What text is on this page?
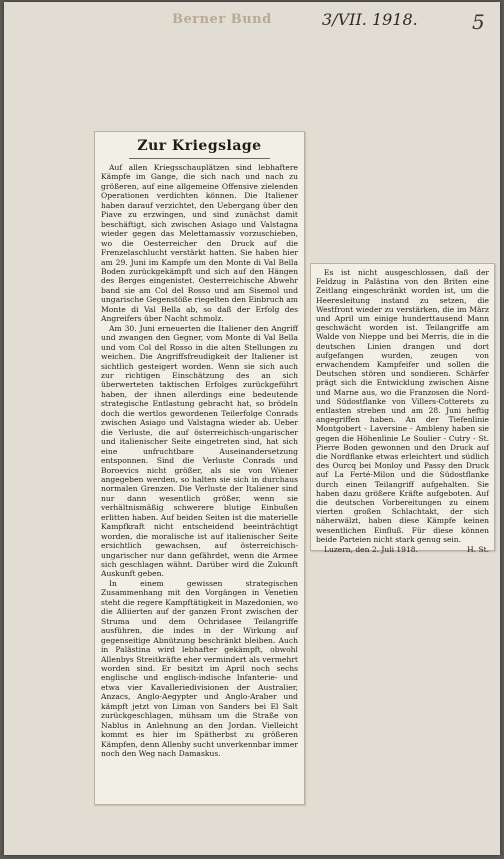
Berner Bund	3/VII. 1918.	5
Zur Kriegslage

Auf allen Kriegsschauplätzen sind lebhaftere Kämpfe im Gange, die sich nach und nach zu größeren, auf eine allgemeine Offensive zielenden Operationen verdichten können. Die Italiener haben darauf verzichtet, den Uebergang über den Piave zu erzwingen, und sind zunächst damit beschäftigt, sich zwischen Asiago und Valstagna wieder gegen das Melettamassiv vorzuschieben, wo die Oesterreicher den Druck auf die Frenzelaschlucht verstärkt hatten. Sie haben hier am 29. Juni im Kampfe um den Monte di Val Bella Boden zurückgekämpft und sich auf den Hängen des Berges eingenistet. Oesterreichische Abwehr band sie am Col del Rosso und am Sisemol und ungarische Gegenstöße riegelten den Einbruch am Monte di Val Bella ab, so daß der Erfolg des Angreifers über Nacht schmolz.

Am 30. Juni erneuerten die Italiener den Angriff und zwangen den Gegner, vom Monte di Val Bella und vom Col del Rosso in die alten Stellungen zu weichen. Die Angriffsfreudigkeit der Italiener ist sichtlich gesteigert worden. Wenn sie sich auch zur richtigen Einschätzung des an sich überwerteten taktischen Erfolges zurückgeführt haben, der ihnen allerdings eine bedeutende strategische Entlastung gebracht hat, so brödeln doch die wertlos gewordenen Teilerfolge Conrads zwischen Asiago und Valstagna wieder ab. Ueber die Verluste, die auf österreichisch-ungarischer und italienischer Seite eingetreten sind, hat sich eine unfruchtbare Auseinandersetzung entsponnen. Sind die Verluste Conrads und Boroevics nicht größer, als sie von Wiener angegeben werden, so halten sie sich in durchaus normalen Grenzen. Die Verluste der Italiener sind nur dann wesentlich größer, wenn sie verhältnismäßig schwerere blutige Einbußen erlitten haben. Auf beiden Seiten ist die materielle Kampfkraft nicht entscheidend beeinträchtigt worden, die moralische ist auf italienischer Seite ersichtlich gewachsen, auf österreichisch-ungarischer nur dann gefährdet, wenn die Armee sich geschlagen wähnt. Darüber wird die Zukunft Auskunft geben.

In einem gewissen strategischen Zusammenhang mit den Vorgängen in Venetien steht die regere Kampftätigkeit in Mazedonien, wo die Alliierten auf der ganzen Front zwischen der Struma und dem Ochridasee Teilangriffe ausführen, die indes in der Wirkung auf gegenseitige Abnützung beschränkt bleiben. Auch in Palästina wird lebhafter gekämpft, obwohl Allenbys Streitkräfte eher vermindert als vermehrt worden sind. Er besitzt im April noch sechs englische und englisch-indische Infanterie- und etwa vier Kavalleriedivisionen der Australier, Anzacs, Anglo-Aegypter und Anglo-Araber und kämpft jetzt von Liman von Sanders bei El Salt zurückgeschlagen, mühsam um die Straße von Nablus in Anlehnung an den Jordan. Vielleicht kommt es hier im Spätherbst zu größeren Kämpfen, denn Allenby sucht unverkennbar immer noch den Weg nach Damaskus.

Es ist nicht ausgeschlossen, daß der Feldzug in Palästina von den Briten eine Zeitlang eingeschränkt worden ist, um die Heeresleitung instand zu setzen, die Westfront wieder zu verstärken, die im März und April um einige hunderttausend Mann geschwächt worden ist. Teilangriffe am Walde von Nieppe und bei Merris, die in die deutschen Linien drangen und dort aufgefangen wurden, zeugen von erwachendem Kampfeifer und sollen die Deutschen stören und sondieren. Schärfer prägt sich die Entwicklung zwischen Aisne und Marne aus, wo die Franzosen die Nord- und Südostflanke von Villers-Cotterets zu entlasten streben und am 28. Juni heftig angegriffen haben. An der Tiefenlinie Montgobert - Laversine - Ambleny haben sie gegen die Höhenlinie Le Soulier - Cutry - St. Pierre Boden gewonnen und den Druck auf die Nordflanke etwas erleichtert und südlich des Ourcq bei Monloy und Passy den Druck auf La Ferté-Milon und die Südostflanke durch einen Teilangriff aufgehalten. Sie haben dazu größere Kräfte aufgeboten. Auf die deutschen Vorbereitungen zu einem vierten großen Schlachtakt, der sich näherwälzt, haben diese Kämpfe keinen wesentlichen Einfluß. Für diese können beide Parteien nicht stark genug sein.

Luzern, den 2. Juli 1918.	H. St.
